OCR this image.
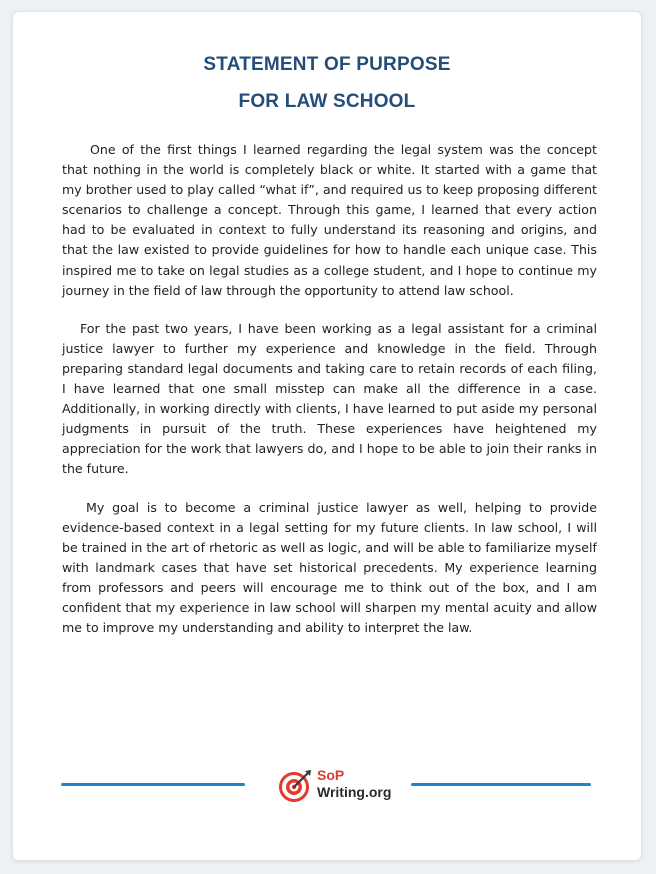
STATEMENT OF PURPOSE
FOR LAW SCHOOL

One of the first things I learned regarding the legal system was the concept that nothing in the world is completely black or white. It started with a game that my brother used to play called “what if”, and required us to keep proposing different scenarios to challenge a concept. Through this game, I learned that every action had to be evaluated in context to fully understand its reasoning and origins, and that the law existed to provide guidelines for how to handle each unique case. This inspired me to take on legal studies as a college student, and I hope to continue my journey in the field of law through the opportunity to attend law school.

For the past two years, I have been working as a legal assistant for a criminal justice lawyer to further my experience and knowledge in the field. Through preparing standard legal documents and taking care to retain records of each filing, I have learned that one small misstep can make all the difference in a case. Additionally, in working directly with clients, I have learned to put aside my personal judgments in pursuit of the truth. These experiences have heightened my appreciation for the work that lawyers do, and I hope to be able to join their ranks in the future.

My goal is to become a criminal justice lawyer as well, helping to provide evidence-based context in a legal setting for my future clients. In law school, I will be trained in the art of rhetoric as well as logic, and will be able to familiarize myself with landmark cases that have set historical precedents. My experience learning from professors and peers will encourage me to think out of the box, and I am confident that my experience in law school will sharpen my mental acuity and allow me to improve my understanding and ability to interpret the law.

SoP
Writing.org
